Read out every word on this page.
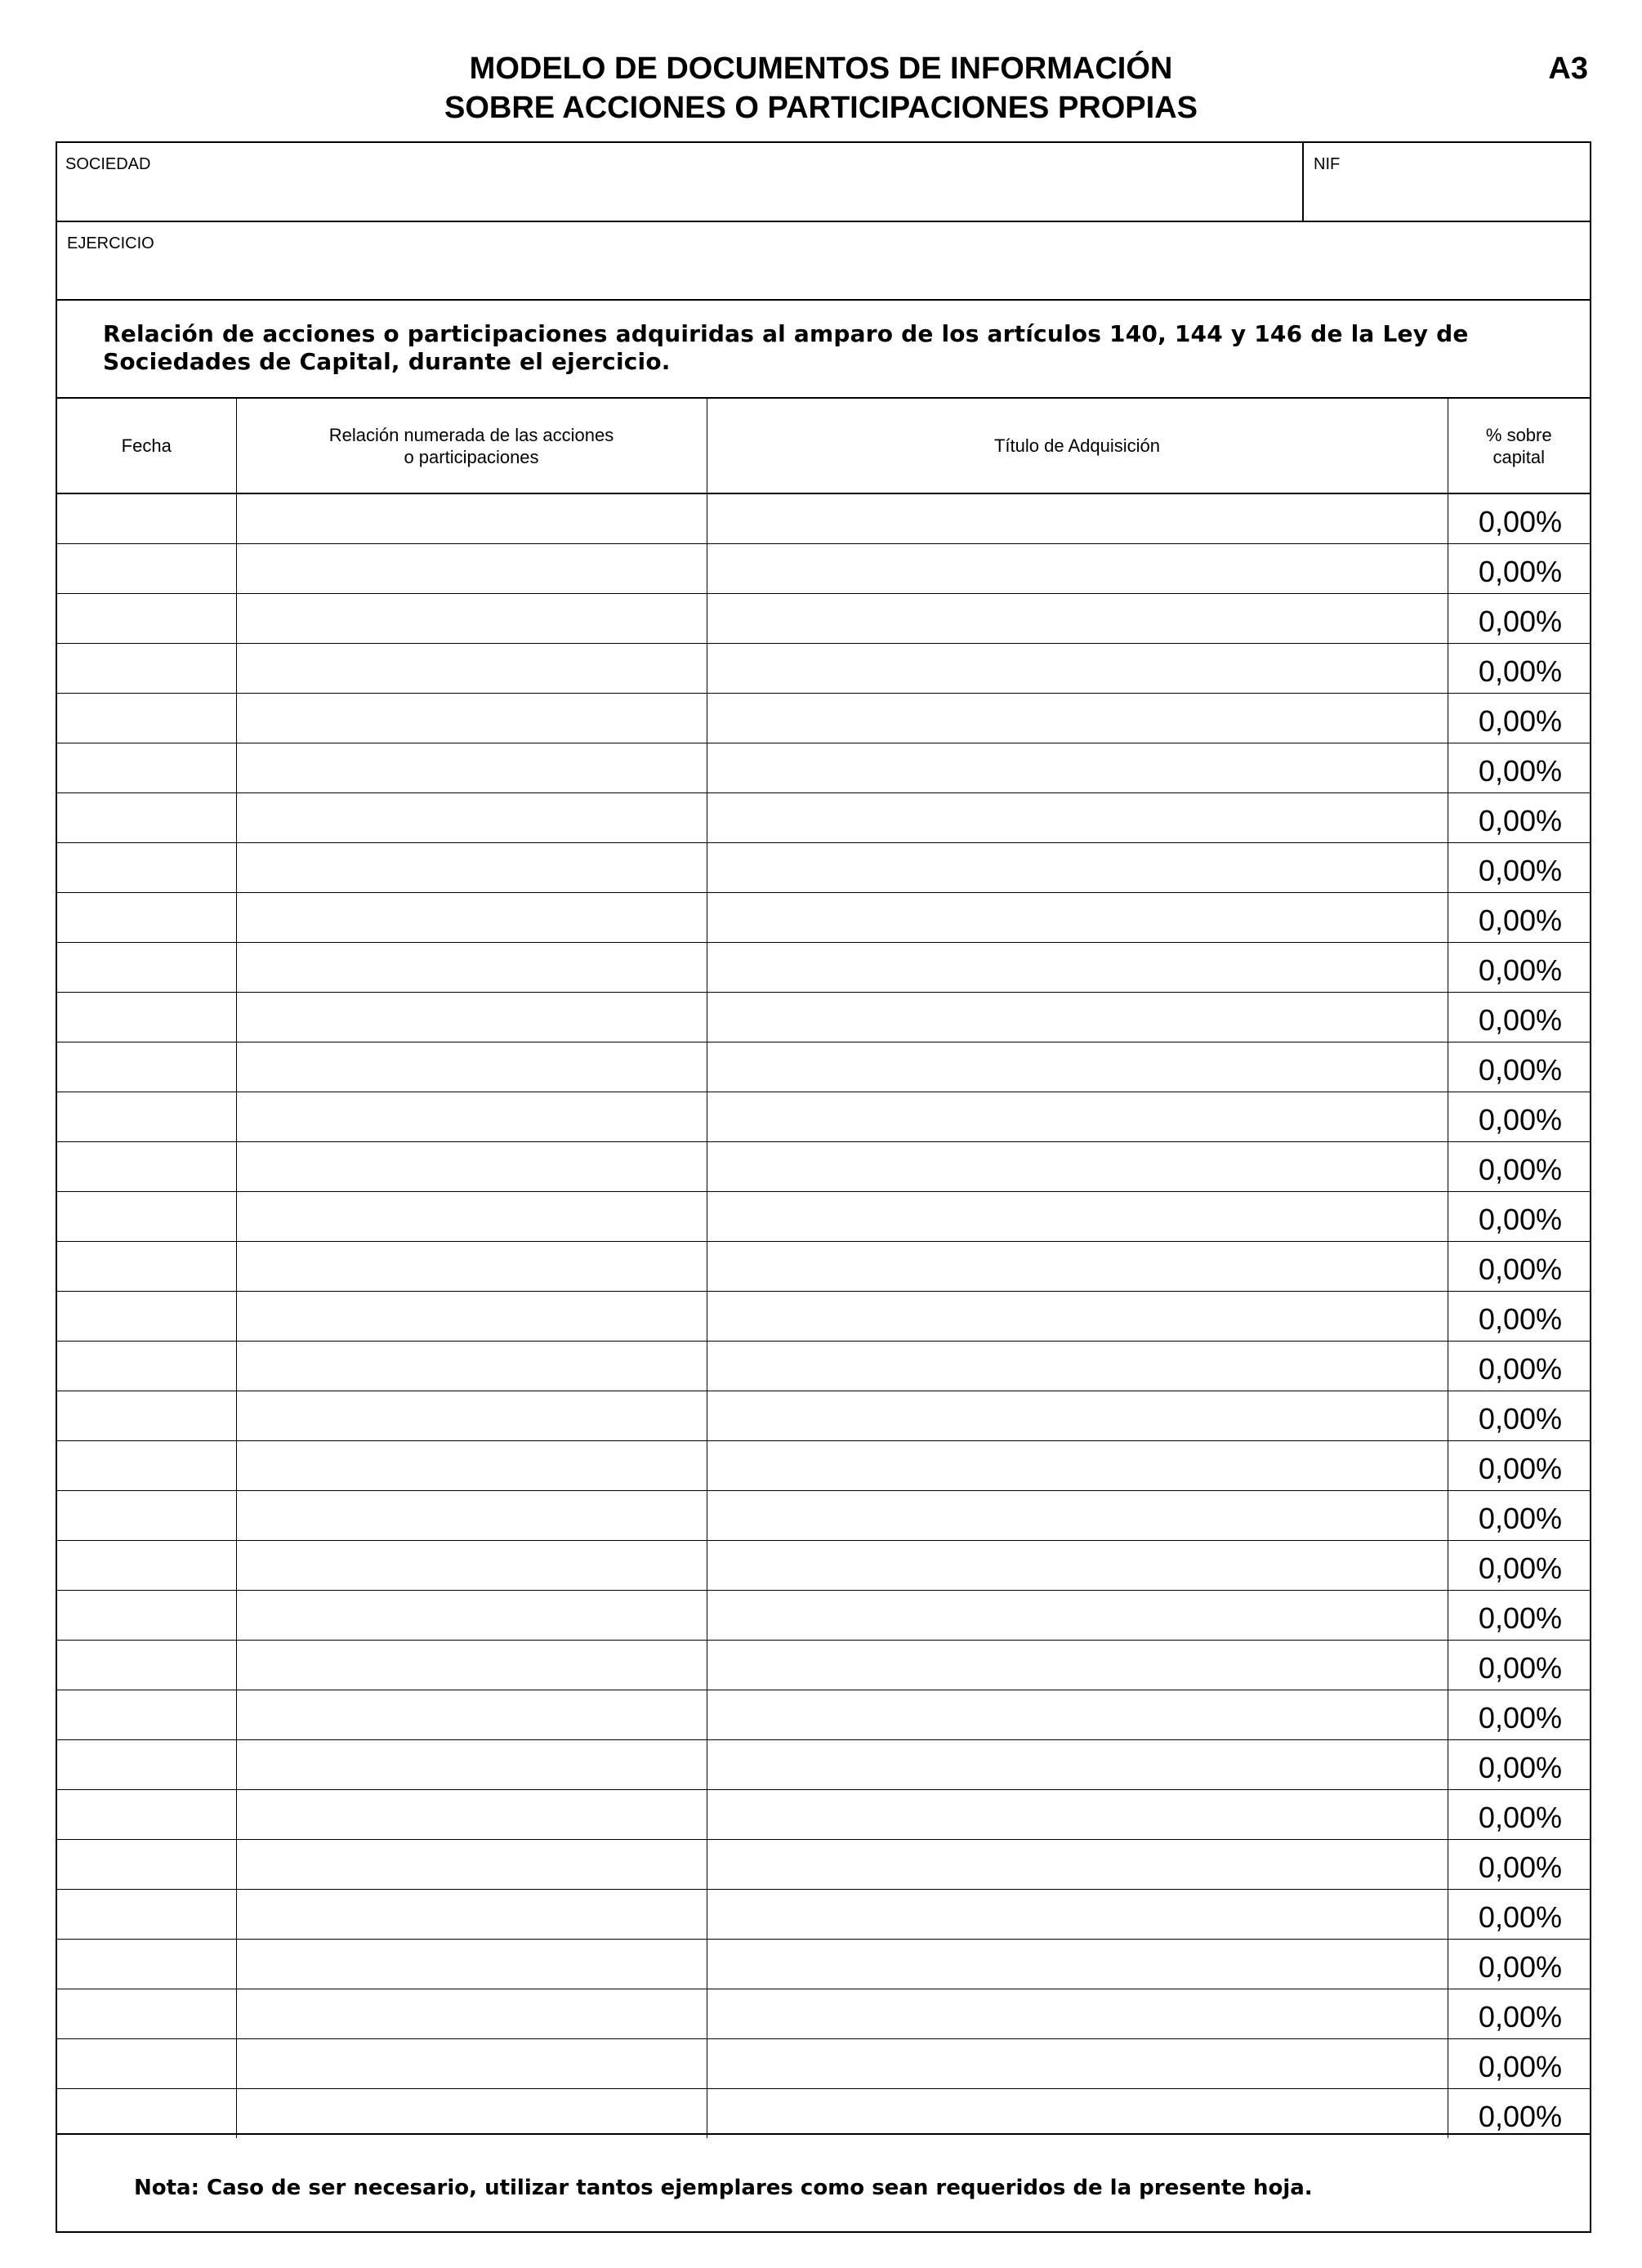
MODELO DE DOCUMENTOS DE INFORMACIÓN
SOBRE ACCIONES O PARTICIPACIONES PROPIAS
A3
SOCIEDAD	NIF
EJERCICIO
Relación de acciones o participaciones adquiridas al amparo de los artículos 140, 144 y 146 de la Ley de Sociedades de Capital, durante el ejercicio.
Fecha	Relación numerada de las acciones o participaciones	Título de Adquisición	% sobre capital
			0,00%
			0,00%
			0,00%
			0,00%
			0,00%
			0,00%
			0,00%
			0,00%
			0,00%
			0,00%
			0,00%
			0,00%
			0,00%
			0,00%
			0,00%
			0,00%
			0,00%
			0,00%
			0,00%
			0,00%
			0,00%
			0,00%
			0,00%
			0,00%
			0,00%
			0,00%
			0,00%
			0,00%
			0,00%
			0,00%
			0,00%
			0,00%
			0,00%
Nota: Caso de ser necesario, utilizar tantos ejemplares como sean requeridos de la presente hoja.
